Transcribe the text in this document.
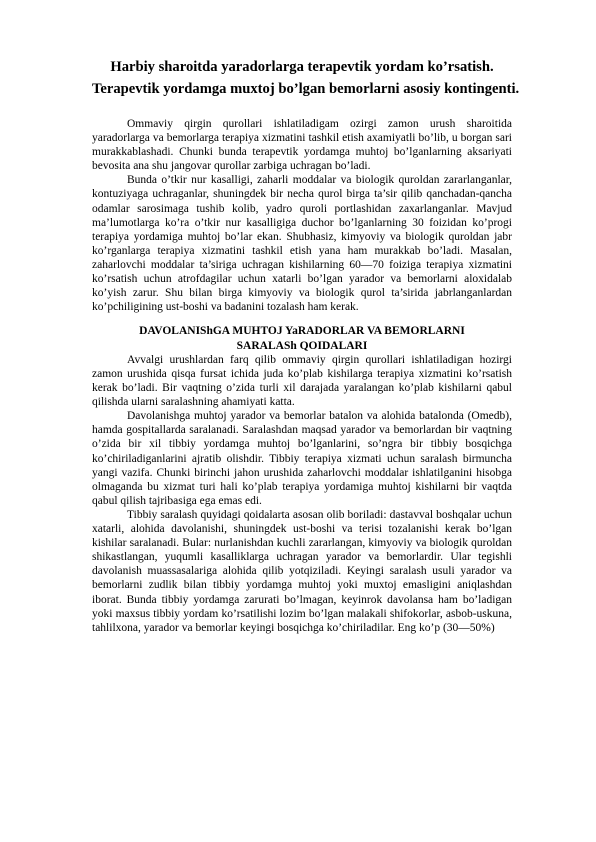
Harbiy sharoitda yaradorlarga terapevtik yordam ko’rsatish.
Terapevtik yordamga muxtoj bo’lgan bemorlarni asosiy kontingenti.

Ommaviy qirgin qurollari ishlatiladigam ozirgi zamon urush sharoitida yaradorlarga va bemorlarga terapiya xizmatini tashkil etish axamiyatli bo’lib, u borgan sari murakkablashadi. Chunki bunda terapevtik yordamga muhtoj bo’lganlarning aksariyati bevosita ana shu jangovar qurollar zarbiga uchragan bo’ladi.

Bunda o’tkir nur kasalligi, zaharli moddalar va biologik quroldan zararlanganlar, kontuziyaga uchraganlar, shuningdek bir necha qurol birga ta’sir qilib qanchadan-qancha odamlar sarosimaga tushib kolib, yadro quroli portlashidan zaxarlanganlar. Mavjud ma’lumotlarga ko’ra o’tkir nur kasalligiga duchor bo’lganlarning 30 foizidan ko’progi terapiya yordamiga muhtoj bo’lar ekan. Shubhasiz, kimyoviy va biologik quroldan jabr ko’rganlarga terapiya xizmatini tashkil etish yana ham murakkab bo’ladi. Masalan, zaharlovchi moddalar ta’siriga uchragan kishilarning 60—70 foiziga terapiya xizmatini ko’rsatish uchun atrofdagilar uchun xatarli bo’lgan yarador va bemorlarni aloxidalab ko’yish zarur. Shu bilan birga kimyoviy va biologik qurol ta’sirida jabrlanganlardan ko’pchiligining ust-boshi va badanini tozalash ham kerak.

DAVOLANIShGA MUHTOJ YaRADORLAR VA BEMORLARNI
SARALASh QOIDALARI

Avvalgi urushlardan farq qilib ommaviy qirgin qurollari ishlatiladigan hozirgi zamon urushida qisqa fursat ichida juda ko’plab kishilarga terapiya xizmatini ko’rsatish kerak bo’ladi. Bir vaqtning o’zida turli xil darajada yaralangan ko’plab kishilarni qabul qilishda ularni saralashning ahamiyati katta.

Davolanishga muhtoj yarador va bemorlar batalon va alohida batalonda (Omedb), hamda gospitallarda saralanadi. Saralashdan maqsad yarador va bemorlardan bir vaqtning o’zida bir xil tibbiy yordamga muhtoj bo’lganlarini, so’ngra bir tibbiy bosqichga ko’chiriladiganlarini ajratib olishdir. Tibbiy terapiya xizmati uchun saralash birmuncha yangi vazifa. Chunki birinchi jahon urushida zaharlovchi moddalar ishlatilganini hisobga olmaganda bu xizmat turi hali ko’plab terapiya yordamiga muhtoj kishilarni bir vaqtda qabul qilish tajribasiga ega emas edi.

Tibbiy saralash quyidagi qoidalarta asosan olib boriladi: dastavval boshqalar uchun xatarli, alohida davolanishi, shuningdek ust-boshi va terisi tozalanishi kerak bo’lgan kishilar saralanadi. Bular: nurlanishdan kuchli zararlangan, kimyoviy va biologik quroldan shikastlangan, yuqumli kasalliklarga uchragan yarador va bemorlardir. Ular tegishli davolanish muassasalariga alohida qilib yotqiziladi. Keyingi saralash usuli yarador va bemorlarni zudlik bilan tibbiy yordamga muhtoj yoki muxtoj emasligini aniqlashdan iborat. Bunda tibbiy yordamga zarurati bo’lmagan, keyinrok davolansa ham bo’ladigan yoki maxsus tibbiy yordam ko’rsatilishi lozim bo’lgan malakali shifokorlar, asbob-uskuna, tahlilxona, yarador va bemorlar keyingi bosqichga ko’chiriladilar. Eng ko’p (30—50%)
